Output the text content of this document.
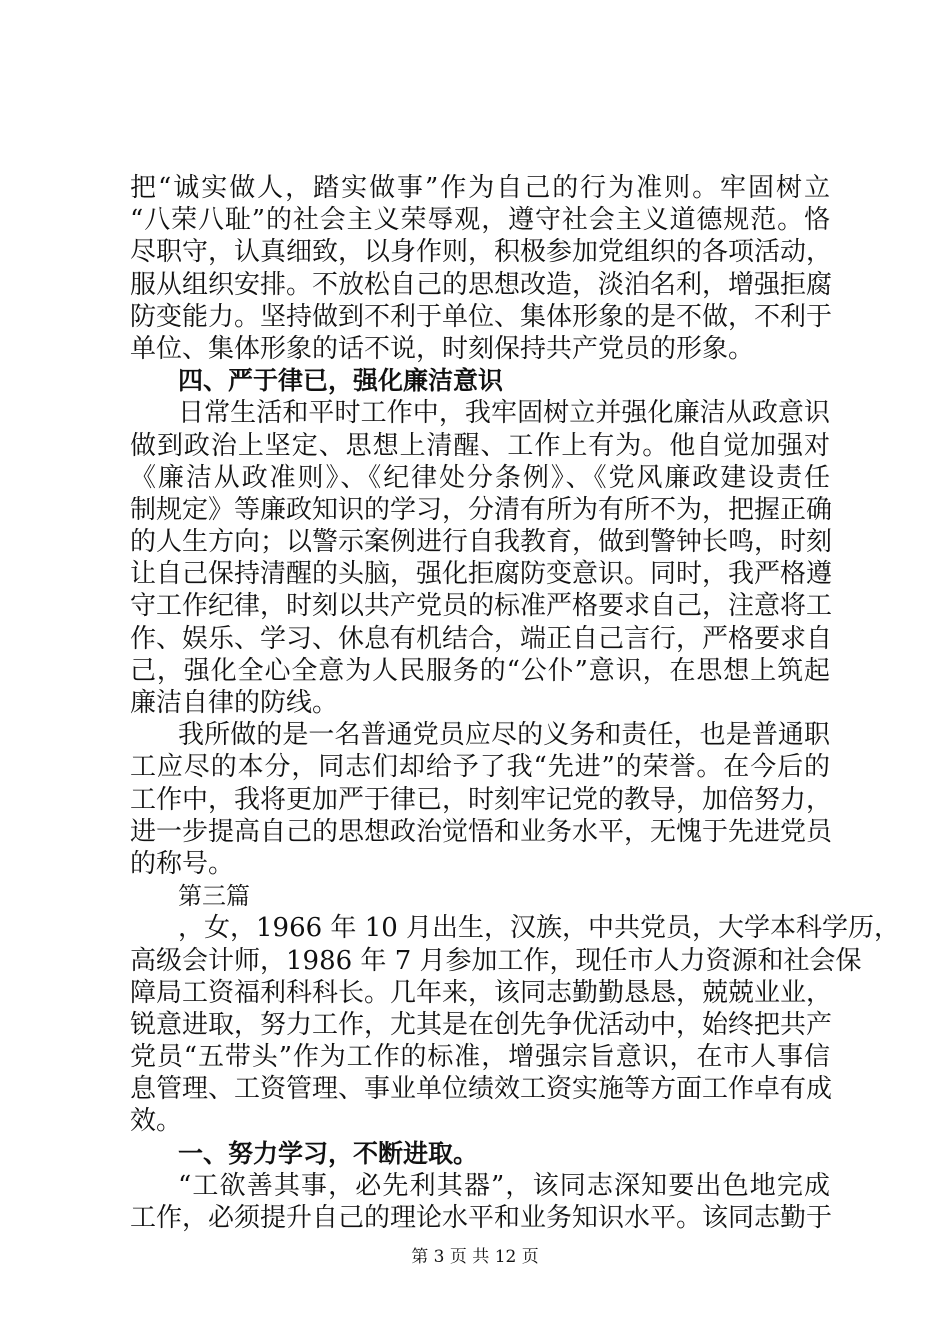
把“诚实做人，踏实做事”作为自己的行为准则。牢固树立
“八荣八耻”的社会主义荣辱观，遵守社会主义道德规范。恪
尽职守，认真细致，以身作则，积极参加党组织的各项活动，
服从组织安排。不放松自己的思想改造，淡泊名利，增强拒腐
防变能力。坚持做到不利于单位、集体形象的是不做，不利于
单位、集体形象的话不说，时刻保持共产党员的形象。
四、严于律已，强化廉洁意识
日常生活和平时工作中，我牢固树立并强化廉洁从政意识
做到政治上坚定、思想上清醒、工作上有为。他自觉加强对
《廉洁从政准则》、《纪律处分条例》、《党风廉政建设责任
制规定》等廉政知识的学习，分清有所为有所不为，把握正确
的人生方向；以警示案例进行自我教育，做到警钟长鸣，时刻
让自己保持清醒的头脑，强化拒腐防变意识。同时，我严格遵
守工作纪律，时刻以共产党员的标准严格要求自己，注意将工
作、娱乐、学习、休息有机结合，端正自己言行，严格要求自
己，强化全心全意为人民服务的“公仆”意识，在思想上筑起
廉洁自律的防线。
我所做的是一名普通党员应尽的义务和责任，也是普通职
工应尽的本分，同志们却给予了我“先进”的荣誉。在今后的
工作中，我将更加严于律已，时刻牢记党的教导，加倍努力，
进一步提高自己的思想政治觉悟和业务水平，无愧于先进党员
的称号。
第三篇
，女，1966 年 10 月出生，汉族，中共党员，大学本科学历，
高级会计师，1986 年 7 月参加工作，现任市人力资源和社会保
障局工资福利科科长。几年来，该同志勤勤恳恳，兢兢业业，
锐意进取，努力工作，尤其是在创先争优活动中，始终把共产
党员“五带头”作为工作的标准，增强宗旨意识，在市人事信
息管理、工资管理、事业单位绩效工资实施等方面工作卓有成
效。
一、努力学习，不断进取。
“工欲善其事，必先利其器”，该同志深知要出色地完成
工作，必须提升自己的理论水平和业务知识水平。该同志勤于
第 3 页 共 12 页
